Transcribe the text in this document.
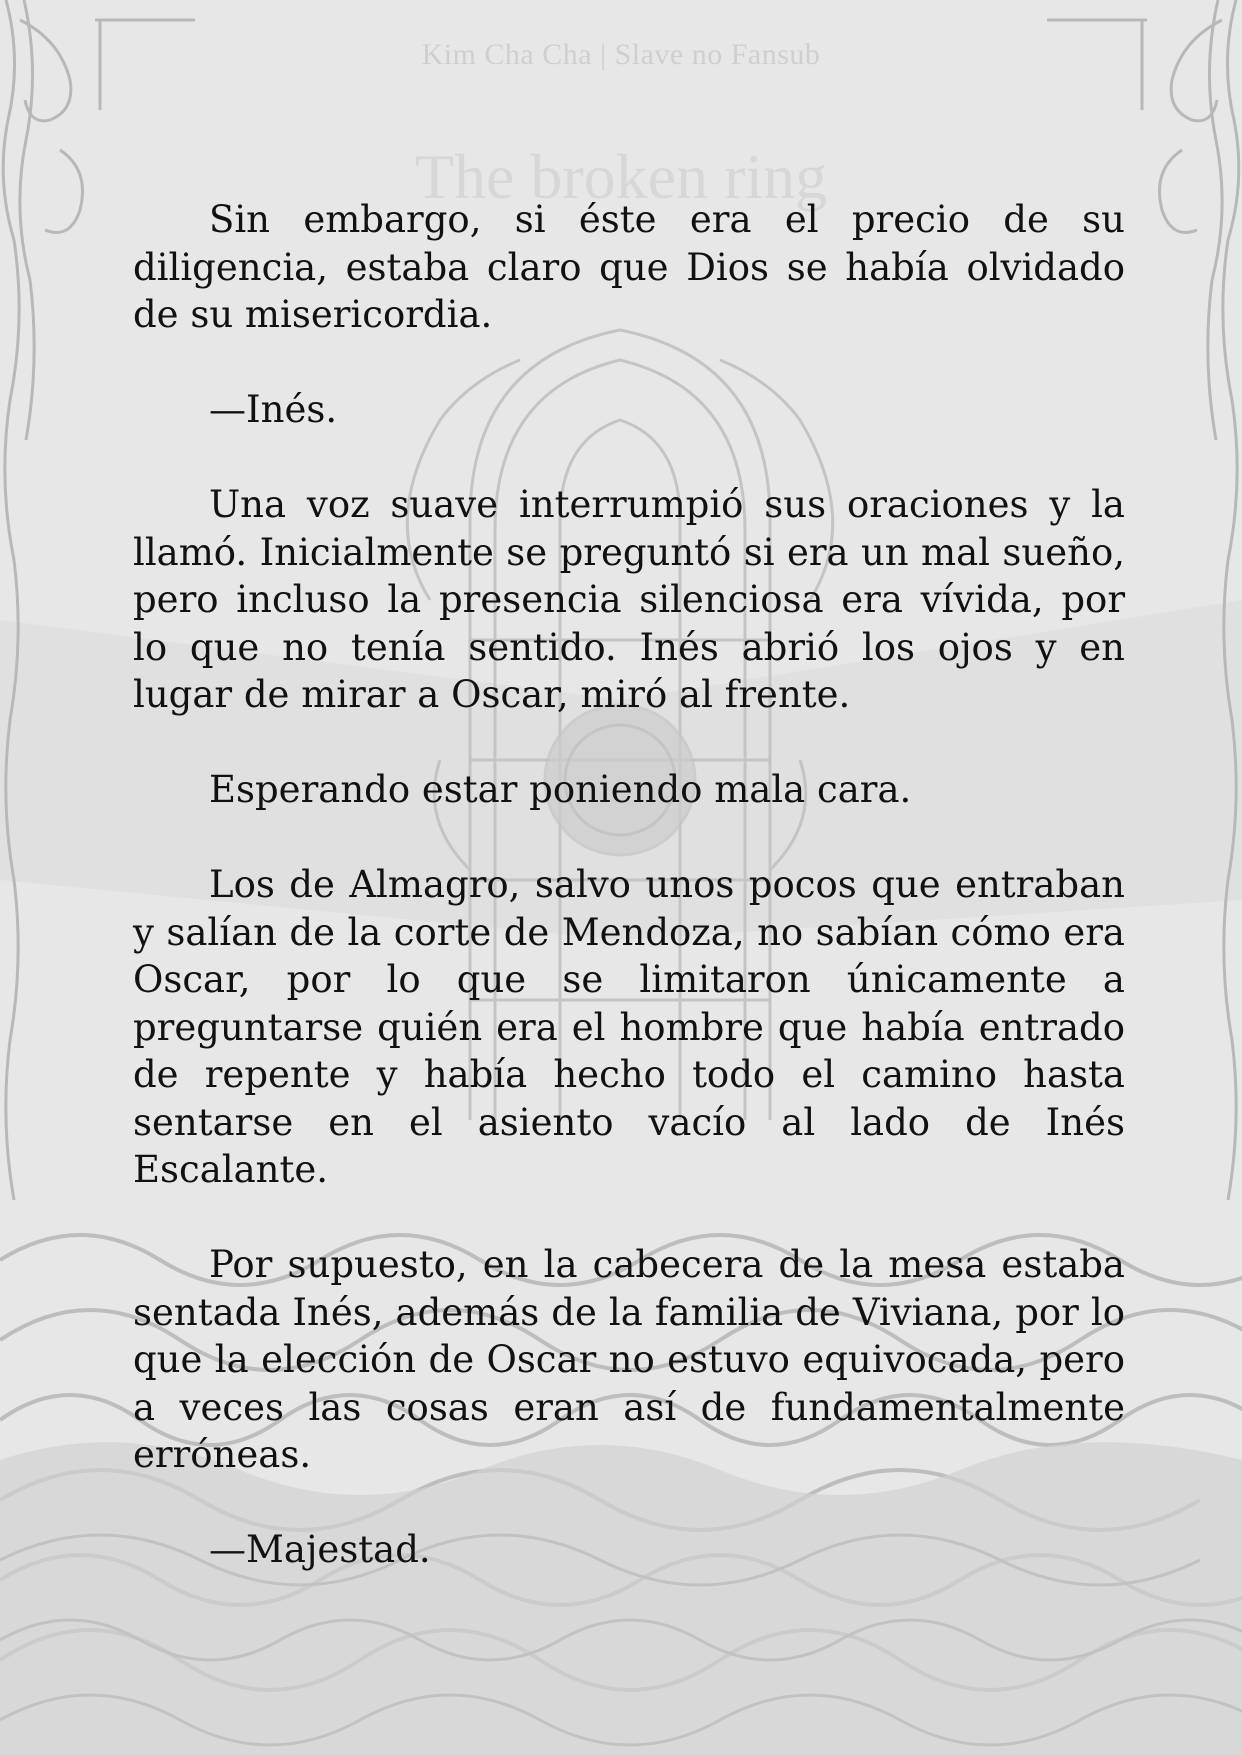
Kim Cha Cha | Slave no Fansub
The broken ring

Sin embargo, si éste era el precio de su diligencia, estaba claro que Dios se había olvidado de su misericordia.

—Inés.

Una voz suave interrumpió sus oraciones y la llamó. Inicialmente se preguntó si era un mal sueño, pero incluso la presencia silenciosa era vívida, por lo que no tenía sentido. Inés abrió los ojos y en lugar de mirar a Oscar, miró al frente.

Esperando estar poniendo mala cara.

Los de Almagro, salvo unos pocos que entraban y salían de la corte de Mendoza, no sabían cómo era Oscar, por lo que se limitaron únicamente a preguntarse quién era el hombre que había entrado de repente y había hecho todo el camino hasta sentarse en el asiento vacío al lado de Inés Escalante.

Por supuesto, en la cabecera de la mesa estaba sentada Inés, además de la familia de Viviana, por lo que la elección de Oscar no estuvo equivocada, pero a veces las cosas eran así de fundamentalmente erróneas.

—Majestad.
